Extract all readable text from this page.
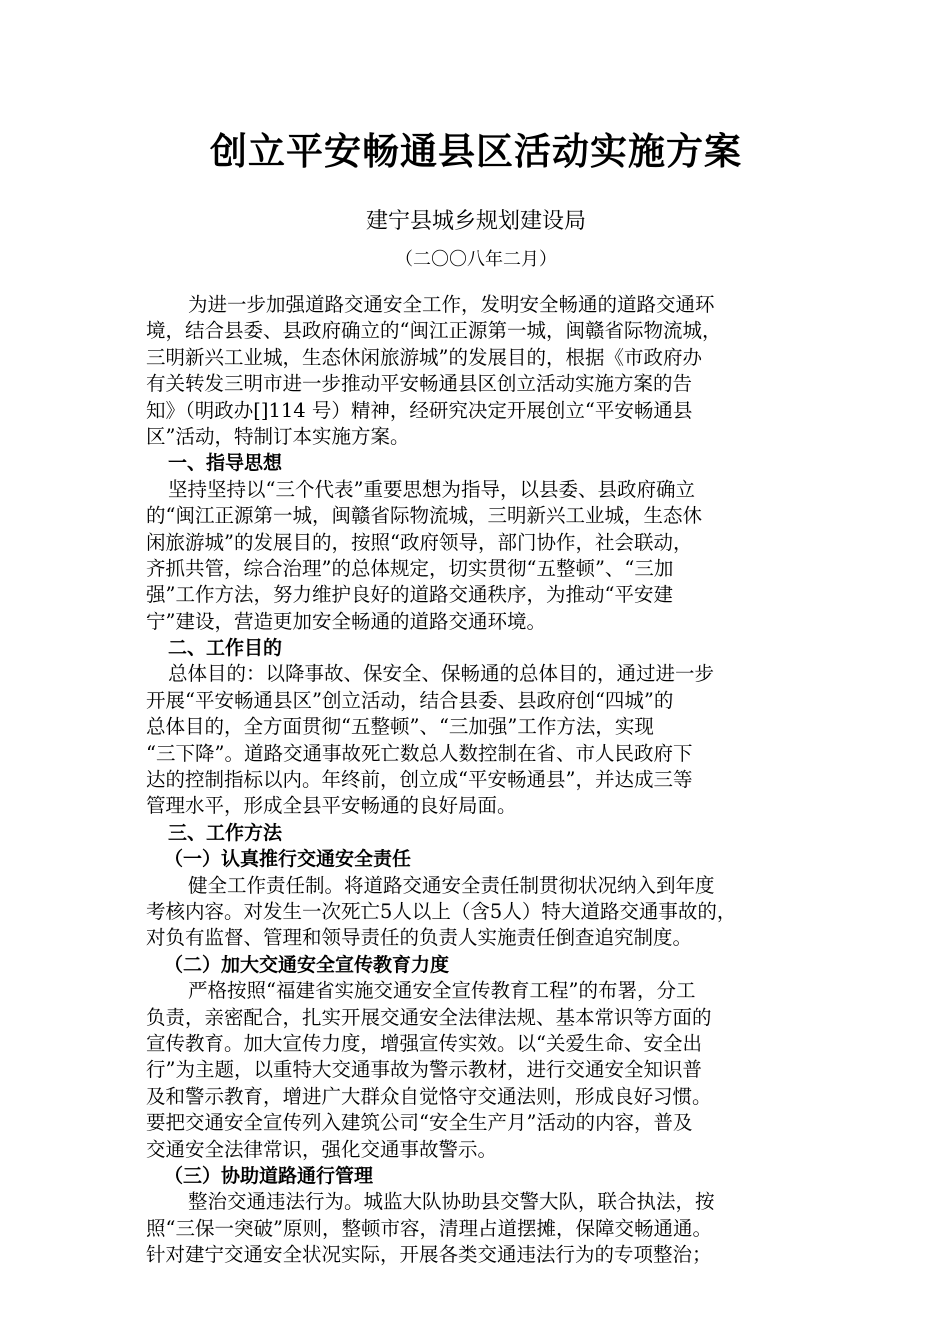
创立平安畅通县区活动实施方案
建宁县城乡规划建设局
（二〇〇八年二月）
为进一步加强道路交通安全工作，发明安全畅通的道路交通环
境，结合县委、县政府确立的“闽江正源第一城，闽赣省际物流城，
三明新兴工业城，生态休闲旅游城”的发展目的，根据《市政府办
有关转发三明市进一步推动平安畅通县区创立活动实施方案的告
知》（明政办[]114 号）精神，经研究决定开展创立“平安畅通县
区”活动，特制订本实施方案。
一、指导思想
坚持坚持以“三个代表”重要思想为指导，以县委、县政府确立
的“闽江正源第一城，闽赣省际物流城，三明新兴工业城，生态休
闲旅游城”的发展目的，按照“政府领导，部门协作，社会联动，
齐抓共管，综合治理”的总体规定，切实贯彻“五整顿”、“三加
强”工作方法，努力维护良好的道路交通秩序，为推动“平安建
宁”建设，营造更加安全畅通的道路交通环境。
二、工作目的
总体目的：以降事故、保安全、保畅通的总体目的，通过进一步
开展“平安畅通县区”创立活动，结合县委、县政府创“四城”的
总体目的，全方面贯彻“五整顿”、“三加强”工作方法，实现
“三下降”。道路交通事故死亡数总人数控制在省、市人民政府下
达的控制指标以内。年终前，创立成“平安畅通县”，并达成三等
管理水平，形成全县平安畅通的良好局面。
三、工作方法
（一）认真推行交通安全责任
健全工作责任制。将道路交通安全责任制贯彻状况纳入到年度
考核内容。对发生一次死亡5人以上（含5人）特大道路交通事故的，
对负有监督、管理和领导责任的负责人实施责任倒查追究制度。
（二）加大交通安全宣传教育力度
严格按照“福建省实施交通安全宣传教育工程”的布署，分工
负责，亲密配合，扎实开展交通安全法律法规、基本常识等方面的
宣传教育。加大宣传力度，增强宣传实效。以“关爱生命、安全出
行”为主题，以重特大交通事故为警示教材，进行交通安全知识普
及和警示教育，增进广大群众自觉恪守交通法则，形成良好习惯。
要把交通安全宣传列入建筑公司“安全生产月”活动的内容，普及
交通安全法律常识，强化交通事故警示。
（三）协助道路通行管理
整治交通违法行为。城监大队协助县交警大队，联合执法，按
照“三保一突破”原则，整顿市容，清理占道摆摊，保障交畅通通。
针对建宁交通安全状况实际，开展各类交通违法行为的专项整治；
